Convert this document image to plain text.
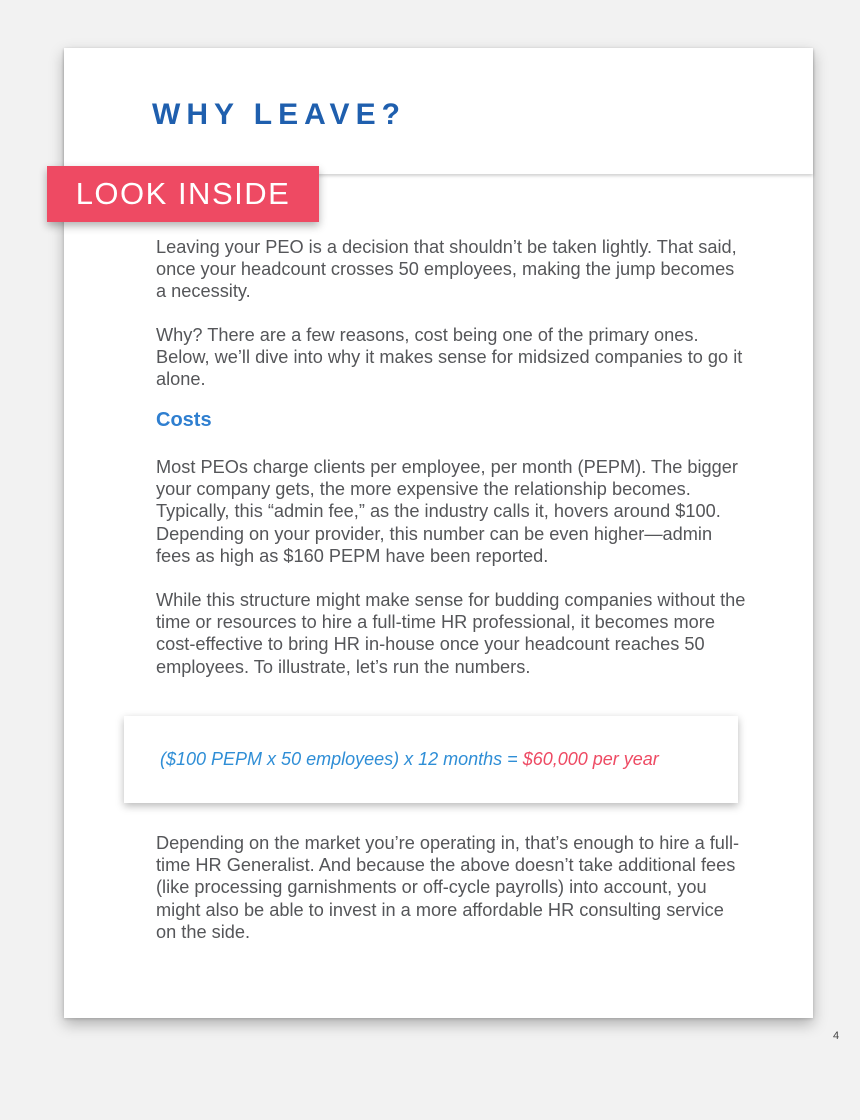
WHY LEAVE?
4
LOOK INSIDE

Leaving your PEO is a decision that shouldn’t be taken lightly. That said, once your headcount crosses 50 employees, making the jump becomes a necessity.

Why? There are a few reasons, cost being one of the primary ones. Below, we’ll dive into why it makes sense for midsized companies to go it alone.

Costs

Most PEOs charge clients per employee, per month (PEPM). The bigger your company gets, the more expensive the relationship becomes. Typically, this “admin fee,” as the industry calls it, hovers around $100. Depending on your provider, this number can be even higher—admin fees as high as $160 PEPM have been reported.

While this structure might make sense for budding companies without the time or resources to hire a full-time HR professional, it becomes more cost-effective to bring HR in-house once your headcount reaches 50 employees. To illustrate, let’s run the numbers.

($100 PEPM x 50 employees) x 12 months = $60,000 per year

Depending on the market you’re operating in, that’s enough to hire a full-time HR Generalist. And because the above doesn’t take additional fees (like processing garnishments or off-cycle payrolls) into account, you might also be able to invest in a more affordable HR consulting service on the side.
